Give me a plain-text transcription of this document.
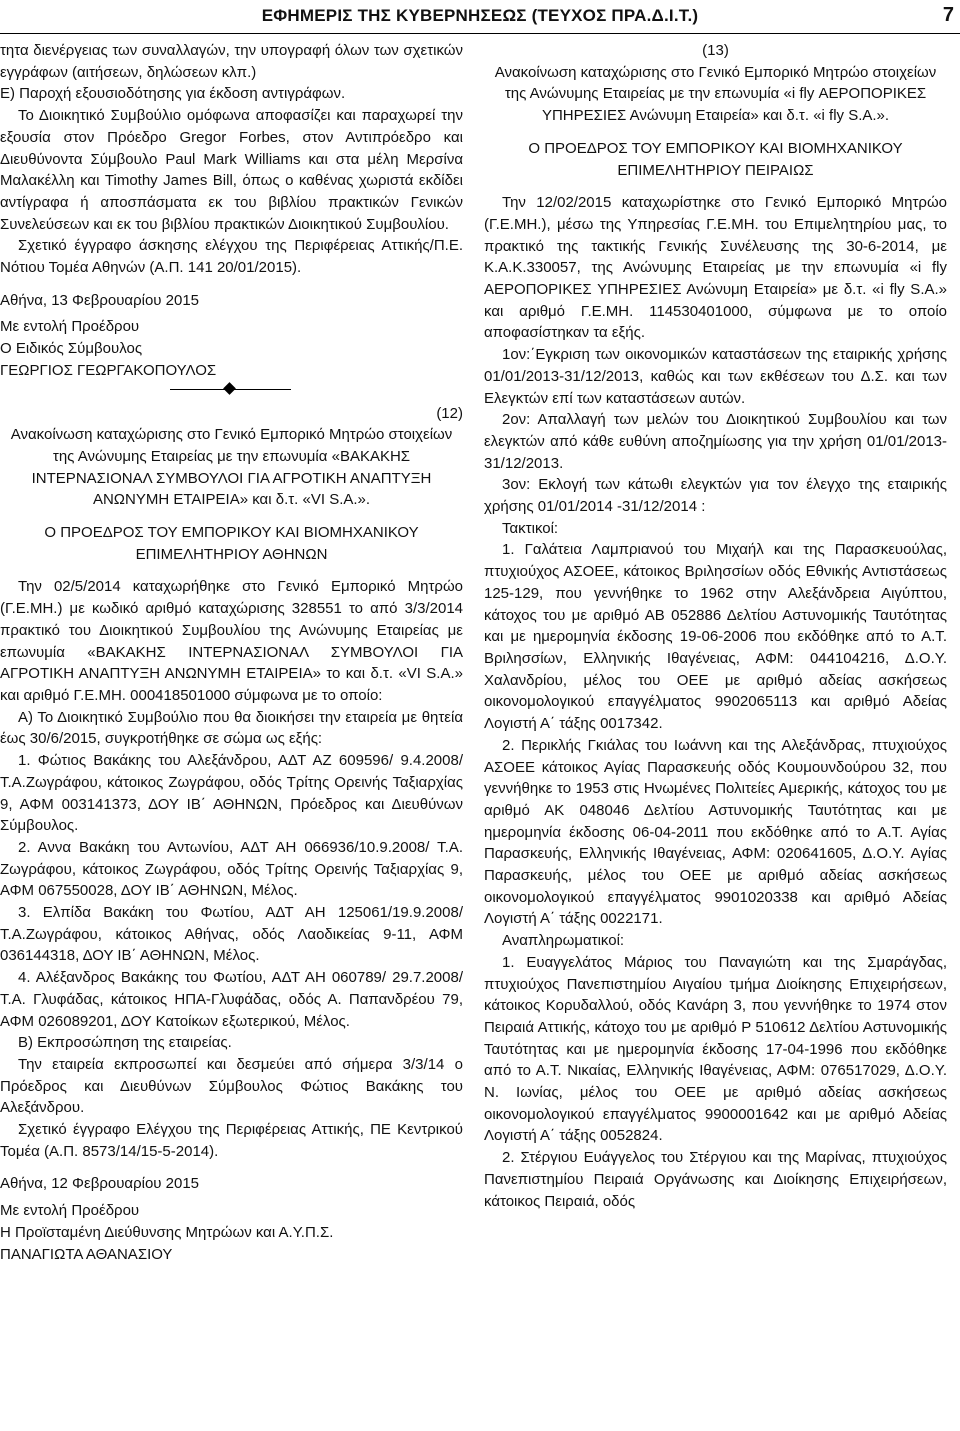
ΕΦΗΜΕΡΙΣ ΤΗΣ ΚΥΒΕΡΝΗΣΕΩΣ (ΤΕΥΧΟΣ ΠΡΑ.Δ.Ι.Τ.)	7

τητα διενέργειας των συναλλαγών, την υπογραφή όλων των σχετικών εγγράφων (αιτήσεων, δηλώσεων κλπ.)

Ε) Παροχή εξουσιοδότησης για έκδοση αντιγράφων.

Το Διοικητικό Συμβούλιο ομόφωνα αποφασίζει και παραχωρεί την εξουσία στον Πρόεδρο Gregor Forbes, στον Αντιπρόεδρο και Διευθύνοντα Σύμβουλο Paul Mark Williams και στα μέλη Μερσίνα Μαλακέλλη και Timothy James Bill, όπως ο καθένας χωριστά εκδίδει αντίγραφα ή αποσπάσματα εκ του βιβλίου πρακτικών Γενικών Συνελεύσεων και εκ του βιβλίου πρακτικών Διοικητικού Συμβουλίου.

Σχετικό έγγραφο άσκησης ελέγχου της Περιφέρειας Αττικής/Π.Ε. Νότιου Τομέα Αθηνών (Α.Π. 141 20/01/2015).

Αθήνα, 13 Φεβρουαρίου 2015

Με εντολή Προέδρου

Ο Ειδικός Σύμβουλος

ΓΕΩΡΓΙΟΣ ΓΕΩΡΓΑΚΟΠΟΥΛΟΣ

(12)

Ανακοίνωση καταχώρισης στο Γενικό Εμπορικό Μητρώο στοιχείων της Ανώνυμης Εταιρείας με την επωνυμία «ΒΑΚΑΚΗΣ ΙΝΤΕΡΝΑΣΙΟΝΑΛ ΣΥΜΒΟΥΛΟΙ ΓΙΑ ΑΓΡΟΤΙΚΗ ΑΝΑΠΤΥΞΗ ΑΝΩΝΥΜΗ ΕΤΑΙΡΕΙΑ» και δ.τ. «VI S.A.».

Ο ΠΡΟΕΔΡΟΣ ΤΟΥ ΕΜΠΟΡΙΚΟΥ ΚΑΙ ΒΙΟΜΗΧΑΝΙΚΟΥ ΕΠΙΜΕΛΗΤΗΡΙΟΥ ΑΘΗΝΩΝ

Την 02/5/2014 καταχωρήθηκε στο Γενικό Εμπορικό Μητρώο (Γ.Ε.ΜΗ.) με κωδικό αριθμό καταχώρισης 328551 το από 3/3/2014 πρακτικό του Διοικητικού Συμβουλίου της Ανώνυμης Εταιρείας με επωνυμία «ΒΑΚΑΚΗΣ ΙΝΤΕΡΝΑΣΙΟΝΑΛ ΣΥΜΒΟΥΛΟΙ ΓΙΑ ΑΓΡΟΤΙΚΗ ΑΝΑΠΤΥΞΗ ΑΝΩΝΥΜΗ ΕΤΑΙΡΕΙΑ» το και δ.τ. «VI S.A.» και αριθμό Γ.Ε.ΜΗ. 000418501000 σύμφωνα με το οποίο:

Α) Το Διοικητικό Συμβούλιο που θα διοικήσει την εταιρεία με θητεία έως 30/6/2015, συγκροτήθηκε σε σώμα ως εξής:

1. Φώτιος Βακάκης του Αλεξάνδρου, ΑΔΤ ΑΖ 609596/ 9.4.2008/ Τ.Α.Ζωγράφου, κάτοικος Ζωγράφου, οδός Τρίτης Ορεινής Ταξιαρχίας 9, ΑΦΜ 003141373, ΔΟΥ ΙΒ΄ ΑΘΗΝΩΝ, Πρόεδρος και Διευθύνων Σύμβουλος.

2. Αννα Βακάκη του Αντωνίου, ΑΔΤ ΑΗ 066936/10.9.2008/ Τ.Α. Ζωγράφου, κάτοικος Ζωγράφου, οδός Τρίτης Ορεινής Ταξιαρχίας 9, ΑΦΜ 067550028, ΔΟΥ ΙΒ΄ ΑΘΗΝΩΝ, Μέλος.

3. Ελπίδα Βακάκη του Φωτίου, ΑΔΤ ΑΗ 125061/19.9.2008/ Τ.Α.Ζωγράφου, κάτοικος Αθήνας, οδός Λαοδικείας 9-11, ΑΦΜ 036144318, ΔΟΥ ΙΒ΄ ΑΘΗΝΩΝ, Μέλος.

4. Αλέξανδρος Βακάκης του Φωτίου, ΑΔΤ ΑΗ 060789/ 29.7.2008/Τ.Α. Γλυφάδας, κάτοικος ΗΠΑ-Γλυφάδας, οδός Α. Παπανδρέου 79, ΑΦΜ 026089201, ΔΟΥ Κατοίκων εξωτερικού, Μέλος.

Β) Εκπροσώπηση της εταιρείας.

Την εταιρεία εκπροσωπεί και δεσμεύει από σήμερα 3/3/14 ο Πρόεδρος και Διευθύνων Σύμβουλος Φώτιος Βακάκης του Αλεξάνδρου.

Σχετικό έγγραφο Ελέγχου της Περιφέρειας Αττικής, ΠΕ Κεντρικού Τομέα (Α.Π. 8573/14/15-5-2014).

Αθήνα, 12 Φεβρουαρίου 2015

Με εντολή Προέδρου

Η Προϊσταμένη Διεύθυνσης Μητρώων και Α.Υ.Π.Σ.

ΠΑΝΑΓΙΩΤΑ ΑΘΑΝΑΣΙΟΥ

(13)

Ανακοίνωση καταχώρισης στο Γενικό Εμπορικό Μητρώο στοιχείων της Ανώνυμης Εταιρείας με την επωνυμία «i fly ΑΕΡΟΠΟΡΙΚΕΣ ΥΠΗΡΕΣΙΕΣ Ανώνυμη Εταιρεία» και δ.τ. «i fly S.A.».

Ο ΠΡΟΕΔΡΟΣ ΤΟΥ ΕΜΠΟΡΙΚΟΥ ΚΑΙ ΒΙΟΜΗΧΑΝΙΚΟΥ ΕΠΙΜΕΛΗΤΗΡΙΟΥ ΠΕΙΡΑΙΩΣ

Την 12/02/2015 καταχωρίστηκε στο Γενικό Εμπορικό Μητρώο (Γ.Ε.ΜΗ.), μέσω της Υπηρεσίας Γ.Ε.ΜΗ. του Επιμελητηρίου μας, το πρακτικό της τακτικής Γενικής Συνέλευσης της 30-6-2014, με Κ.Α.Κ.330057, της Ανώνυμης Εταιρείας με την επωνυμία «i fly ΑΕΡΟΠΟΡΙΚΕΣ ΥΠΗΡΕΣΙΕΣ Ανώνυμη Εταιρεία» με δ.τ. «i fly S.A.» και αριθμό Γ.Ε.ΜΗ. 114530401000, σύμφωνα με το οποίο αποφασίστηκαν τα εξής.

1ον:΄Εγκριση των οικονομικών καταστάσεων της εταιρικής χρήσης 01/01/2013-31/12/2013, καθώς και των εκθέσεων του Δ.Σ. και των Ελεγκτών επί των καταστάσεων αυτών.

2ον: Απαλλαγή των μελών του Διοικητικού Συμβουλίου και των ελεγκτών από κάθε ευθύνη αποζημίωσης για την χρήση 01/01/2013-31/12/2013.

3ον: Εκλογή των κάτωθι ελεγκτών για τον έλεγχο της εταιρικής χρήσης 01/01/2014 -31/12/2014 :

Τακτικοί:

1. Γαλάτεια Λαμπριανού του Μιχαήλ και της Παρασκευούλας, πτυχιούχος ΑΣΟΕΕ, κάτοικος Βριλησσίων οδός Εθνικής Αντιστάσεως 125-129, που γεννήθηκε το 1962 στην Αλεξάνδρεια Αιγύπτου, κάτοχος του με αριθμό ΑΒ 052886 Δελτίου Αστυνομικής Ταυτότητας και με ημερομηνία έκδοσης 19-06-2006 που εκδόθηκε από το Α.Τ. Βριλησσίων, Ελληνικής Ιθαγένειας, ΑΦΜ: 044104216, Δ.Ο.Υ. Χαλανδρίου, μέλος του ΟΕΕ με αριθμό αδείας ασκήσεως οικονομολογικού επαγγέλματος 9902065113 και αριθμό Αδείας Λογιστή Α΄ τάξης 0017342.

2. Περικλής Γκιάλας του Ιωάννη και της Αλεξάνδρας, πτυχιούχος ΑΣΟΕΕ κάτοικος Αγίας Παρασκευής οδός Κουμουνδούρου 32, που γεννήθηκε το 1953 στις Ηνωμένες Πολιτείες Αμερικής, κάτοχος του με αριθμό ΑΚ 048046 Δελτίου Αστυνομικής Ταυτότητας και με ημερομηνία έκδοσης 06-04-2011 που εκδόθηκε από το Α.Τ. Αγίας Παρασκευής, Ελληνικής Ιθαγένειας, ΑΦΜ: 020641605, Δ.Ο.Υ. Αγίας Παρασκευής, μέλος του ΟΕΕ με αριθμό αδείας ασκήσεως οικονομολογικού επαγγέλματος 9901020338 και αριθμό Αδείας Λογιστή Α΄ τάξης 0022171.

Αναπληρωματικοί:

1. Ευαγγελάτος Μάριος του Παναγιώτη και της Σμαράγδας, πτυχιούχος Πανεπιστημίου Αιγαίου τμήμα Διοίκησης Επιχειρήσεων, κάτοικος Κορυδαλλού, οδός Κανάρη 3, που γεννήθηκε το 1974 στον Πειραιά Αττικής, κάτοχο του με αριθμό Ρ 510612 Δελτίου Αστυνομικής Ταυτότητας και με ημερομηνία έκδοσης 17-04-1996 που εκδόθηκε από το Α.Τ. Νικαίας, Ελληνικής Ιθαγένειας, ΑΦΜ: 076517029, Δ.Ο.Υ. Ν. Ιωνίας, μέλος του ΟΕΕ με αριθμό αδείας ασκήσεως οικονομολογικού επαγγέλματος 9900001642 και με αριθμό Αδείας Λογιστή Α΄ τάξης 0052824.

2. Στέργιου Ευάγγελος του Στέργιου και της Μαρίνας, πτυχιούχος Πανεπιστημίου Πειραιά Οργάνωσης και Διοίκησης Επιχειρήσεων, κάτοικος Πειραιά, οδός
